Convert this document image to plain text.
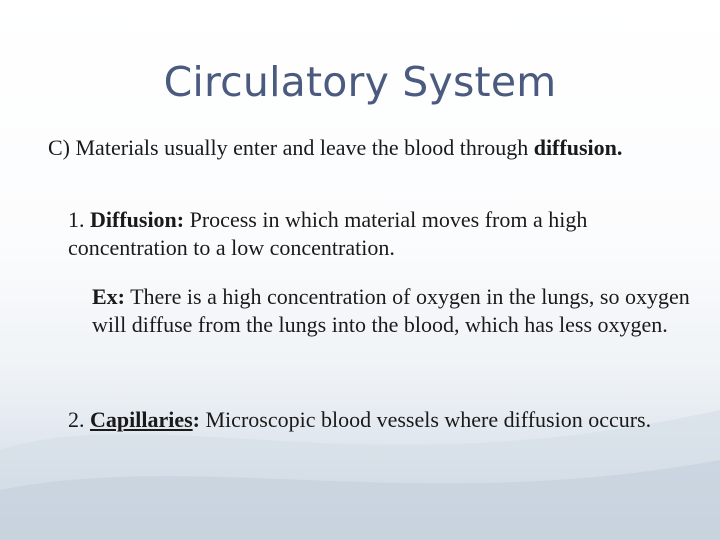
Circulatory System
C) Materials usually enter and leave the blood through diffusion.
1. Diffusion: Process in which material moves from a high concentration to a low concentration.
Ex: There is a high concentration of oxygen in the lungs, so oxygen will diffuse from the lungs into the blood, which has less oxygen.
2. Capillaries: Microscopic blood vessels where diffusion occurs.
